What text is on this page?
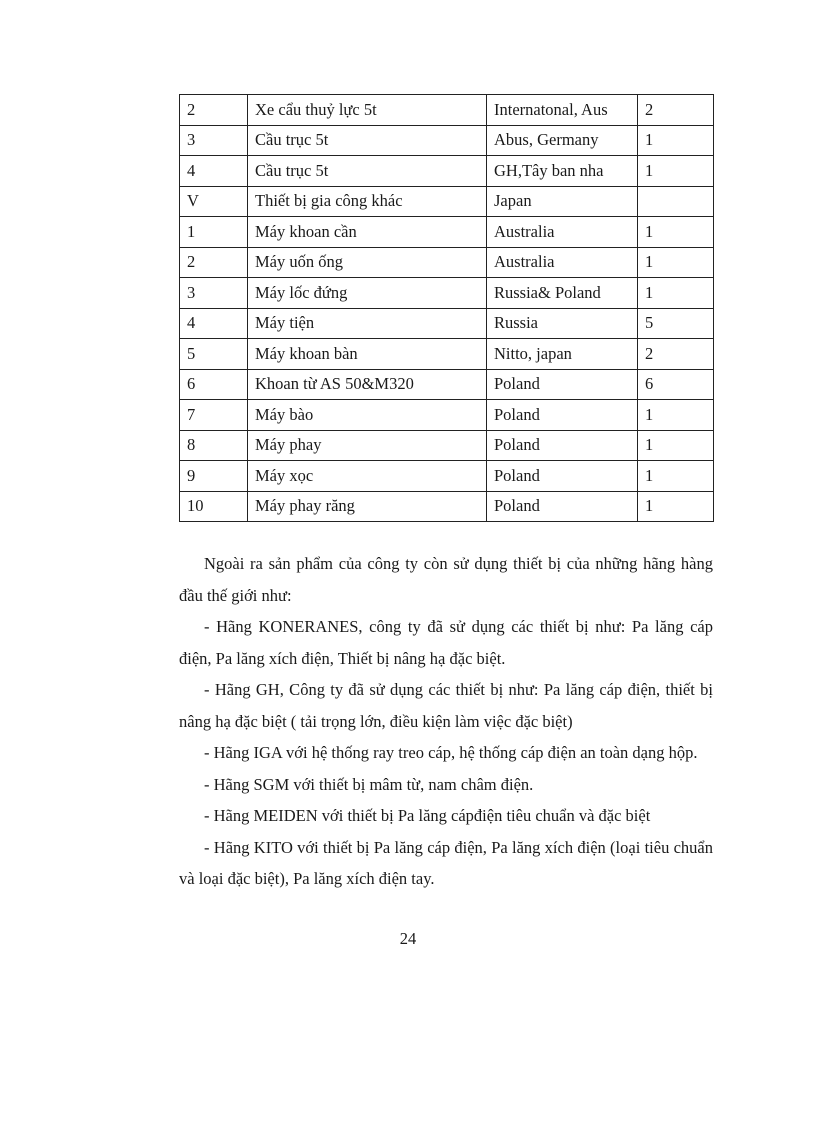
2	Xe cẩu thuỷ lực 5t	Internatonal, Aus	2
3	Cầu trục 5t	Abus, Germany	1
4	Cầu trục 5t	GH,Tây ban nha	1
V	Thiết bị gia công khác	Japan	
1	Máy khoan cần	Australia	1
2	Máy uốn ống	Australia	1
3	Máy lốc đứng	Russia& Poland	1
4	Máy tiện	Russia	5
5	Máy khoan bàn	Nitto, japan	2
6	Khoan từ AS 50&M320	Poland	6
7	Máy bào	Poland	1
8	Máy phay	Poland	1
9	Máy xọc	Poland	1
10	Máy phay răng	Poland	1

Ngoài ra sản phẩm của công ty còn sử dụng thiết bị của những hãng hàng đầu thế giới như:

- Hãng KONERANES, công ty đã sử dụng các thiết bị như: Pa lăng cáp điện, Pa lăng xích điện, Thiết bị nâng hạ đặc biệt.

- Hãng GH, Công ty đã sử dụng các thiết bị như: Pa lăng cáp điện, thiết bị nâng hạ đặc biệt ( tải trọng lớn, điều kiện làm việc đặc biệt)

- Hãng IGA với hệ thống ray treo cáp, hệ thống cáp điện an toàn dạng hộp.

- Hãng SGM với thiết bị mâm từ, nam châm điện.

- Hãng MEIDEN với thiết bị Pa lăng cápđiện tiêu chuẩn và đặc biệt

- Hãng KITO với thiết bị Pa lăng cáp điện, Pa lăng xích điện (loại tiêu chuẩn và loại đặc biệt), Pa lăng xích điện tay.

24
